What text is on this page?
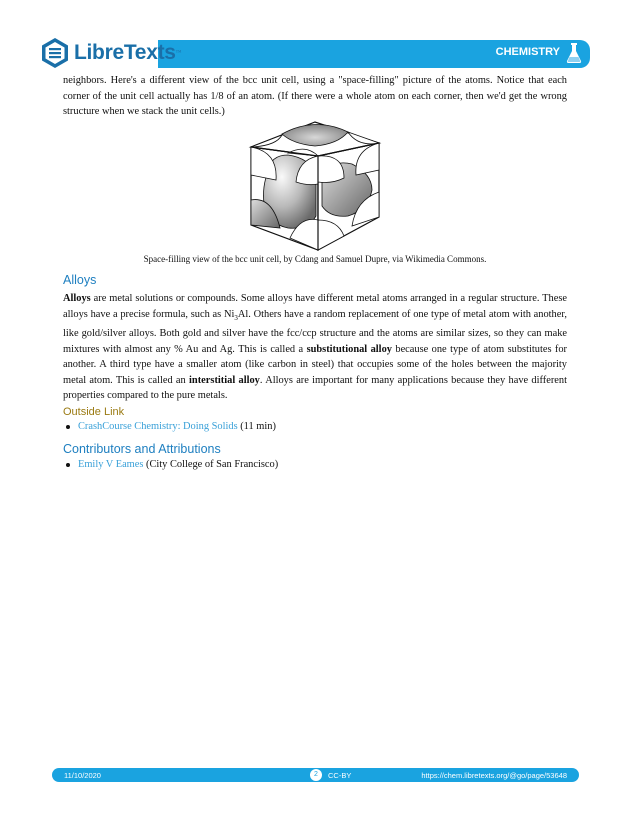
LibreTexts ™	CHEMISTRY

neighbors. Here's a different view of the bcc unit cell, using a "space-filling" picture of the atoms. Notice that each corner of the unit cell actually has 1/8 of an atom. (If there were a whole atom on each corner, then we'd get the wrong structure when we stack the unit cells.)

Space-filling view of the bcc unit cell, by Cdang and Samuel Dupre, via Wikimedia Commons.
Alloys

Alloys are metal solutions or compounds. Some alloys have different metal atoms arranged in a regular structure. These alloys have a precise formula, such as $Ni_3Al$. Others have a random replacement of one type of metal atom with another, like gold/silver alloys. Both gold and silver have the fcc/ccp structure and the atoms are similar sizes, so they can make mixtures with almost any % Au and Ag. This is called a substitutional alloy because one type of atom substitutes for another. A third type have a smaller atom (like carbon in steel) that occupies some of the holes between the majority metal atom. This is called an interstitial alloy. Alloys are important for many applications because they have different properties compared to the pure metals.

Outside Link
CrashCourse Chemistry: Doing Solids (11 min)
Contributors and Attributions
Emily V Eames (City College of San Francisco)
11/10/2020	2	CC-BY	https://chem.libretexts.org/@go/page/53648
